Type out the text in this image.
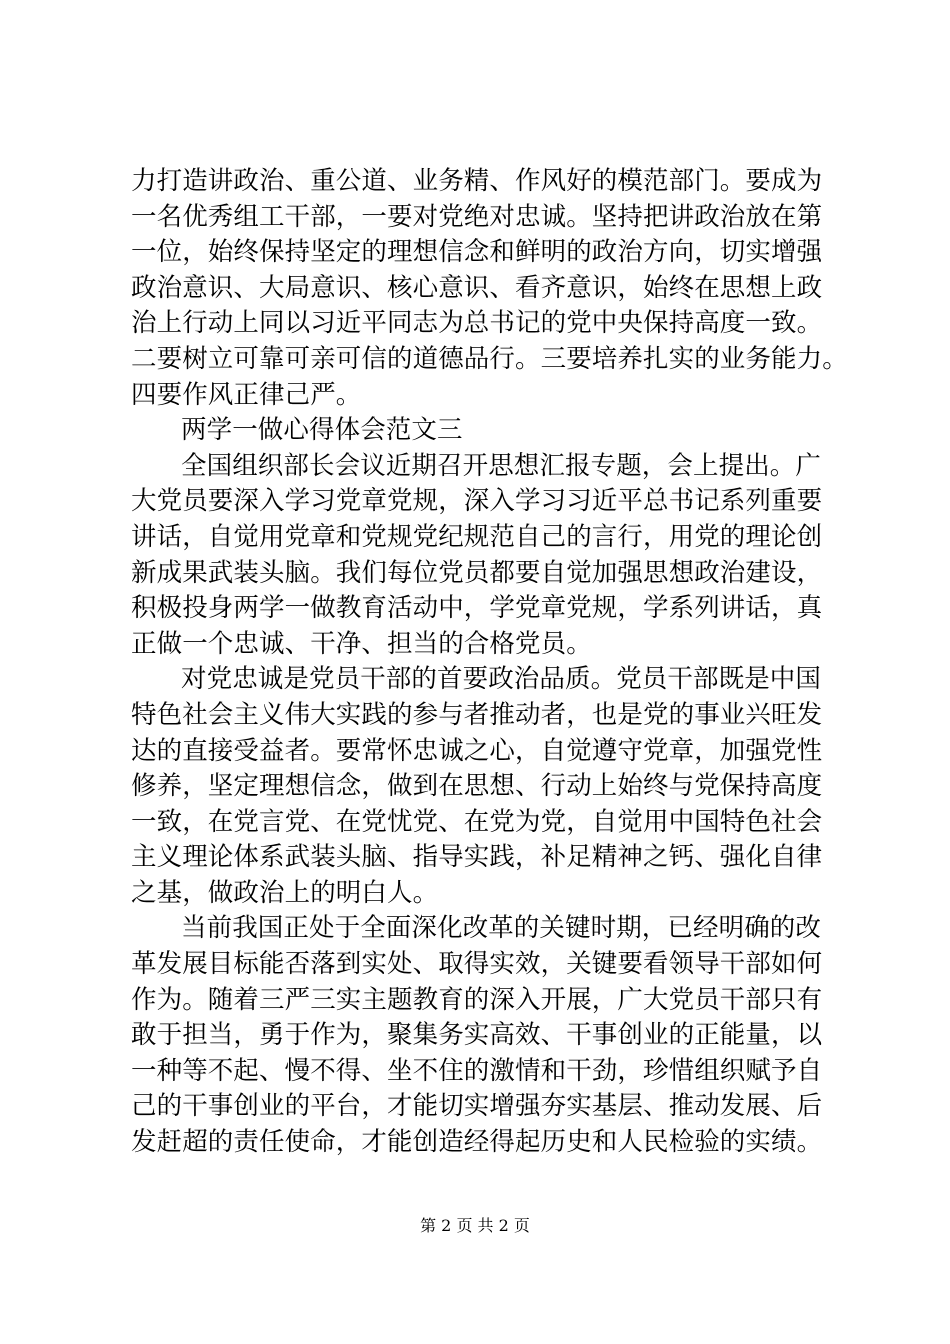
力打造讲政治、重公道、业务精、作风好的模范部门。要成为
一名优秀组工干部，一要对党绝对忠诚。坚持把讲政治放在第
一位，始终保持坚定的理想信念和鲜明的政治方向，切实增强
政治意识、大局意识、核心意识、看齐意识，始终在思想上政
治上行动上同以习近平同志为总书记的党中央保持高度一致。
二要树立可靠可亲可信的道德品行。三要培养扎实的业务能力。
四要作风正律己严。
两学一做心得体会范文三
全国组织部长会议近期召开思想汇报专题，会上提出。广
大党员要深入学习党章党规，深入学习习近平总书记系列重要
讲话，自觉用党章和党规党纪规范自己的言行，用党的理论创
新成果武装头脑。我们每位党员都要自觉加强思想政治建设，
积极投身两学一做教育活动中，学党章党规，学系列讲话，真
正做一个忠诚、干净、担当的合格党员。
对党忠诚是党员干部的首要政治品质。党员干部既是中国
特色社会主义伟大实践的参与者推动者，也是党的事业兴旺发
达的直接受益者。要常怀忠诚之心，自觉遵守党章，加强党性
修养，坚定理想信念，做到在思想、行动上始终与党保持高度
一致，在党言党、在党忧党、在党为党，自觉用中国特色社会
主义理论体系武装头脑、指导实践，补足精神之钙、强化自律
之基，做政治上的明白人。
当前我国正处于全面深化改革的关键时期，已经明确的改
革发展目标能否落到实处、取得实效，关键要看领导干部如何
作为。随着三严三实主题教育的深入开展，广大党员干部只有
敢于担当，勇于作为，聚集务实高效、干事创业的正能量，以
一种等不起、慢不得、坐不住的激情和干劲，珍惜组织赋予自
己的干事创业的平台，才能切实增强夯实基层、推动发展、后
发赶超的责任使命，才能创造经得起历史和人民检验的实绩。
第 2 页 共 2 页
